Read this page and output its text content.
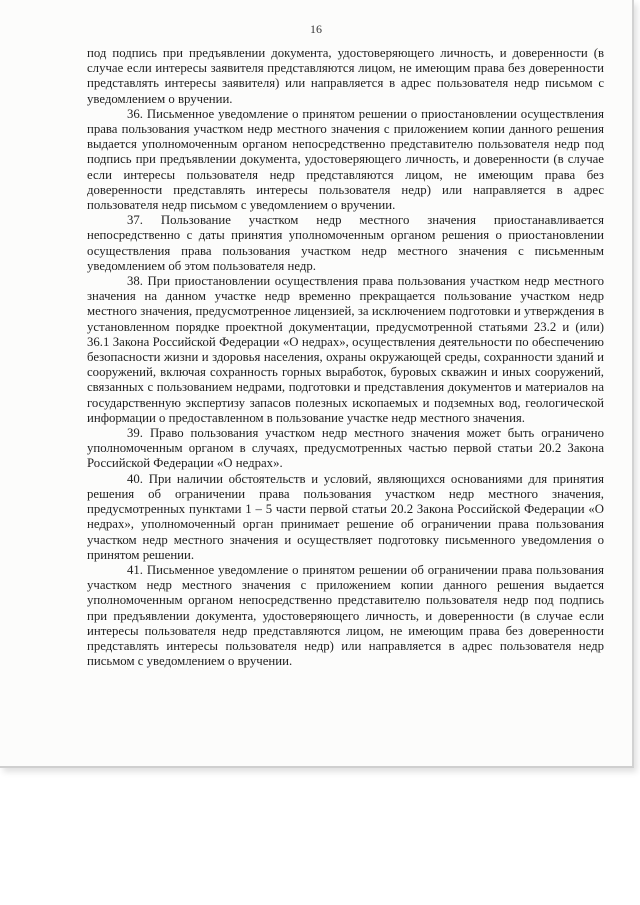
16

под подпись при предъявлении документа, удостоверяющего личность, и доверенности (в случае если интересы заявителя представляются лицом, не имеющим права без доверенности представлять интересы заявителя) или направляется в адрес пользователя недр письмом с уведомлением о вручении.

36. Письменное уведомление о принятом решении о приостановлении осуществления права пользования участком недр местного значения с приложением копии данного решения выдается уполномоченным органом непосредственно представителю пользователя недр под подпись при предъявлении документа, удостоверяющего личность, и доверенности (в случае если интересы пользователя недр представляются лицом, не имеющим права без доверенности представлять интересы пользователя недр) или направляется в адрес пользователя недр письмом с уведомлением о вручении.

37. Пользование участком недр местного значения приостанавливается непосредственно с даты принятия уполномоченным органом решения о приостановлении осуществления права пользования участком недр местного значения с письменным уведомлением об этом пользователя недр.

38. При приостановлении осуществления права пользования участком недр местного значения на данном участке недр временно прекращается пользование участком недр местного значения, предусмотренное лицензией, за исключением подготовки и утверждения в установленном порядке проектной документации, предусмотренной статьями 23.2 и (или) 36.1 Закона Российской Федерации «О недрах», осуществления деятельности по обеспечению безопасности жизни и здоровья населения, охраны окружающей среды, сохранности зданий и сооружений, включая сохранность горных выработок, буровых скважин и иных сооружений, связанных с пользованием недрами, подготовки и представления документов и материалов на государственную экспертизу запасов полезных ископаемых и подземных вод, геологической информации о предоставленном в пользование участке недр местного значения.

39. Право пользования участком недр местного значения может быть ограничено уполномоченным органом в случаях, предусмотренных частью первой статьи 20.2 Закона Российской Федерации «О недрах».

40. При наличии обстоятельств и условий, являющихся основаниями для принятия решения об ограничении права пользования участком недр местного значения, предусмотренных пунктами 1 – 5 части первой статьи 20.2 Закона Российской Федерации «О недрах», уполномоченный орган принимает решение об ограничении права пользования участком недр местного значения и осуществляет подготовку письменного уведомления о принятом решении.

41. Письменное уведомление о принятом решении об ограничении права пользования участком недр местного значения с приложением копии данного решения выдается уполномоченным органом непосредственно представителю пользователя недр под подпись при предъявлении документа, удостоверяющего личность, и доверенности (в случае если интересы пользователя недр представляются лицом, не имеющим права без доверенности представлять интересы пользователя недр) или направляется в адрес пользователя недр письмом с уведомлением о вручении.
